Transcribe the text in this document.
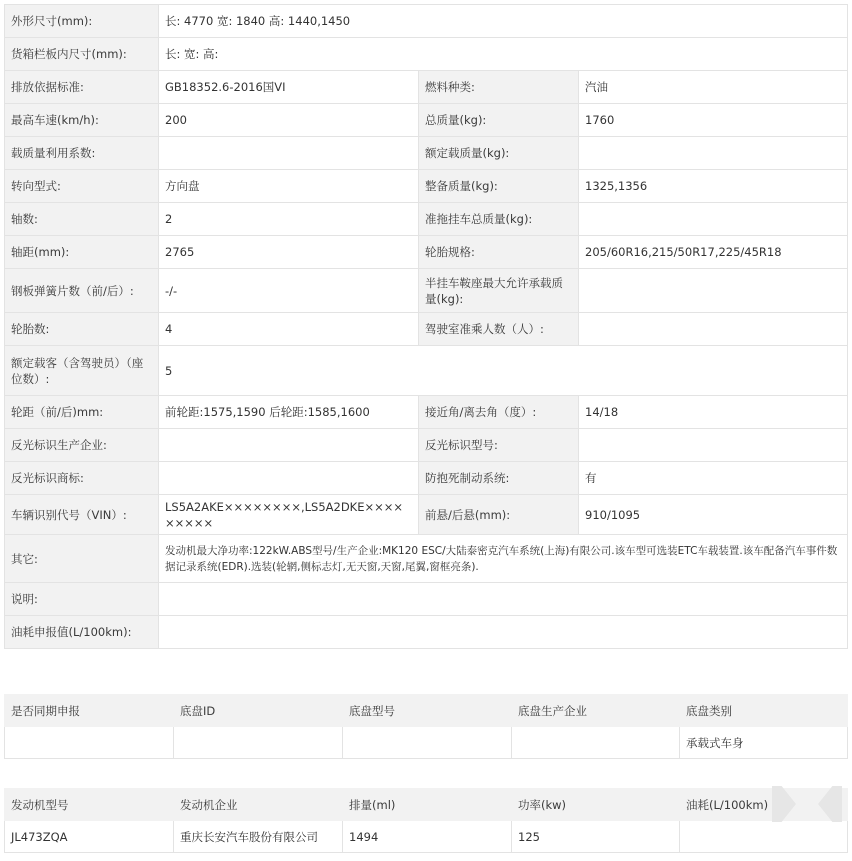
外形尺寸(mm):	长: 4770 宽: 1840 高: 1440,1450		
货箱栏板内尺寸(mm):	长: 宽: 高:		
排放依据标准:	GB18352.6-2016国VI	燃料种类:	汽油
最高车速(km/h):	200	总质量(kg):	1760
载质量利用系数:		额定载质量(kg):	
转向型式:	方向盘	整备质量(kg):	1325,1356
轴数:	2	准拖挂车总质量(kg):	
轴距(mm):	2765	轮胎规格:	205/60R16,215/50R17,225/45R18
钢板弹簧片数（前/后）:	-/-	半挂车鞍座最大允许承载质量(kg):	
轮胎数:	4	驾驶室准乘人数（人）:	
额定载客（含驾驶员）（座位数）:	5		
轮距（前/后)mm:	前轮距:1575,1590 后轮距:1585,1600	接近角/离去角（度）:	14/18
反光标识生产企业:		反光标识型号:	
反光标识商标:		防抱死制动系统:	有
车辆识别代号（VIN）:	LS5A2AKE××××××××,LS5A2DKE×××××××××	前悬/后悬(mm):	910/1095
其它:	发动机最大净功率:122kW.ABS型号/生产企业:MK120 ESC/大陆泰密克汽车系统(上海)有限公司.该车型可选装ETC车载装置.该车配备汽车事件数据记录系统(EDR).选装(轮辋,侧标志灯,无天窗,天窗,尾翼,窗框亮条).		
说明:			
油耗申报值(L/100km):			
是否同期申报	底盘ID	底盘型号	底盘生产企业	底盘类别
				承载式车身
发动机型号	发动机企业	排量(ml)	功率(kw)	油耗(L/100km)
JL473ZQA	重庆长安汽车股份有限公司	1494	125	
